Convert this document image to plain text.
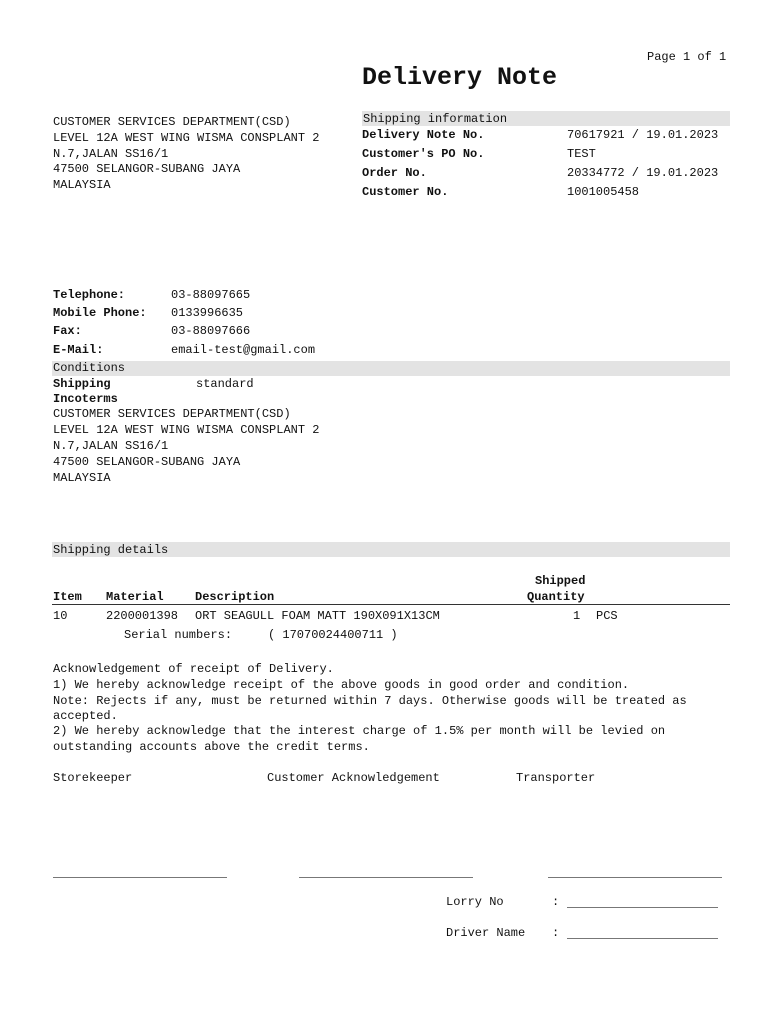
Page 1 of 1
Delivery Note
CUSTOMER SERVICES DEPARTMENT(CSD)
LEVEL 12A WEST WING WISMA CONSPLANT 2
N.7,JALAN SS16/1
47500 SELANGOR-SUBANG JAYA
MALAYSIA
Shipping information
Delivery Note No.	70617921 / 19.01.2023
Customer's PO No.	TEST
Order No.	20334772 / 19.01.2023
Customer No.	1001005458
Telephone:	03-88097665
Mobile Phone: 0133996635
Fax:	03-88097666
E-Mail:	email-test@gmail.com
Conditions
Shipping	standard
Incoterms
CUSTOMER SERVICES DEPARTMENT(CSD)
LEVEL 12A WEST WING WISMA CONSPLANT 2
N.7,JALAN SS16/1
47500 SELANGOR-SUBANG JAYA
MALAYSIA
Shipping details
Shipped
Item Material	Description	Quantity
10	2200001398 ORT SEAGULL FOAM MATT 190X091X13CM	1 PCS
Serial numbers:	( 17070024400711 )
Acknowledgement of receipt of Delivery.
1) We hereby acknowledge receipt of the above goods in good order and condition.
Note: Rejects if any, must be returned within 7 days. Otherwise goods will be treated as
accepted.
2) We hereby acknowledge that the interest charge of 1.5% per month will be levied on
outstanding accounts above the credit terms.
Storekeeper	Customer Acknowledgement	Transporter
Lorry No	:
Driver Name :
